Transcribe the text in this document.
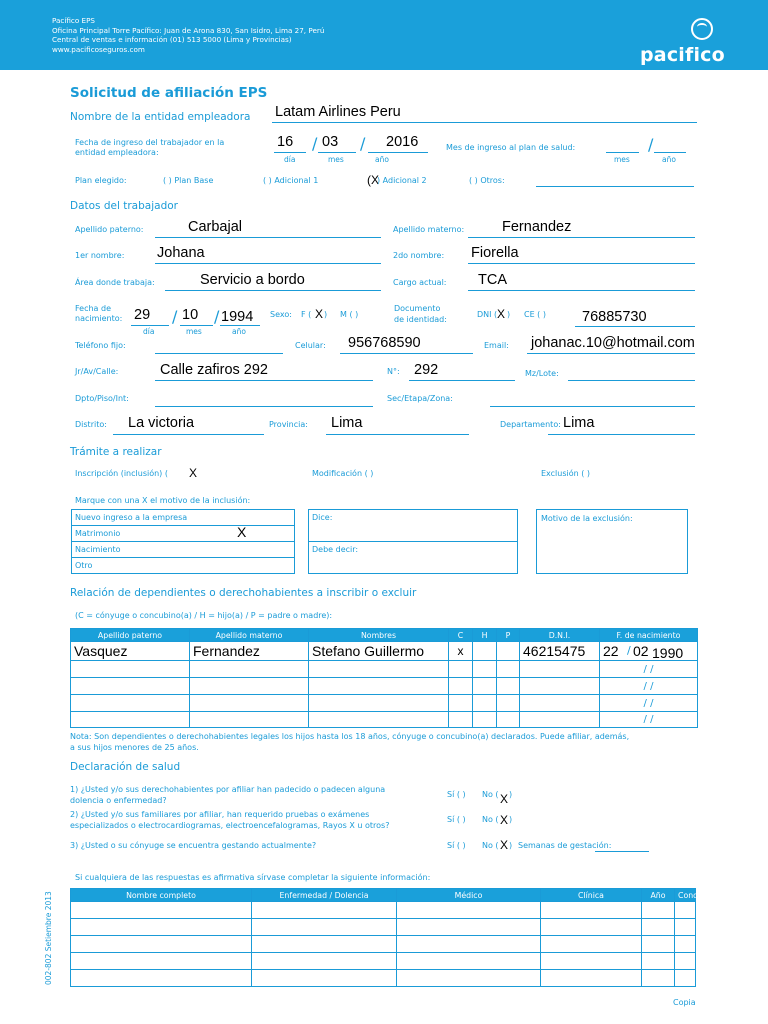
Pacífico EPS
Oficina Principal Torre Pacífico: Juan de Arona 830, San Isidro, Lima 27, Perú
Central de ventas e información (01) 513 5000 (Lima y Provincias)
www.pacificoseguros.com	pacifico
Solicitud de afiliación EPS
Nombre de la entidad empleadora Latam Airlines Peru
Fecha de ingreso del trabajador en la
entidad empleadora:
16 / 03 / 2016
día	mes	año
Mes de ingreso al plan de salud:	/
mes	año
Plan elegido:	( ) Plan Base	( ) Adicional 1	(X
) Adicional 2	( ) Otros:
Datos del trabajador
Apellido paterno:	Carbajal	Apellido materno:	Fernandez
1er nombre: Johana	2do nombre: Fiorella
Área donde trabaja:	Servicio a bordo	Cargo actual: TCA
Fecha de
nacimiento: 29 / 10 / 1994
día	mes	año
Sexo: F ( X ) M ( )
Documento
de identidad:
DNI ( X ) CE ( ) 76885730
Teléfono fijo:	Celular: 956768590	Email: johanac.10@hotmail.com
Jr/Av/Calle:	Calle zafiros 292	N°: 292	Mz/Lote:
Dpto/Piso/Int:	Sec/Etapa/Zona:
Distrito: La victoria	Provincia: Lima	Departamento: Lima
Trámite a realizar
Inscripción (inclusión) ( X	Modificación ( )	Exclusión ( )
Marque con una X el motivo de la inclusión:
Nuevo ingreso a la empresa
Matrimonio
Nacimiento
Otro
X
Dice:
Debe decir:
Motivo de la exclusión:
Relación de dependientes o derechohabientes a inscribir o excluir
(C = cónyuge o concubino(a) / H = hijo(a) / P = padre o madre):
Apellido paterno	Apellido materno	Nombres	C	H	P	D.N.I.	F. de nacimiento
Vasquez	Fernandez	Stefano Guillermo	x			46215475	22 / 02 1990

							/ /
							/ /
							/ /
							/ /
Nota: Son dependientes o derechohabientes legales los hijos hasta los 18 años, cónyuge o concubino(a) declarados. Puede afiliar, además,
a sus hijos menores de 25 años.
Declaración de salud
1) ¿Usted y/o sus derechohabientes por afiliar han padecido o padecen alguna
dolencia o enfermedad?
Sí ( ) No ( X )
2) ¿Usted y/o sus familiares por afiliar, han requerido pruebas o exámenes
especializados o electrocardiogramas, electroencefalogramas, Rayos X u otros?
Sí ( ) No ( X )
3) ¿Usted o su cónyuge se encuentra gestando actualmente?	Sí ( ) No ( X ) Semanas de gestación:
Si cualquiera de las respuestas es afirmativa sírvase completar la siguiente información:
Nombre completo	Enfermedad / Dolencia	Médico	Clínica	Año	Condición actual

002-802 Setiembre 2013
Copia
